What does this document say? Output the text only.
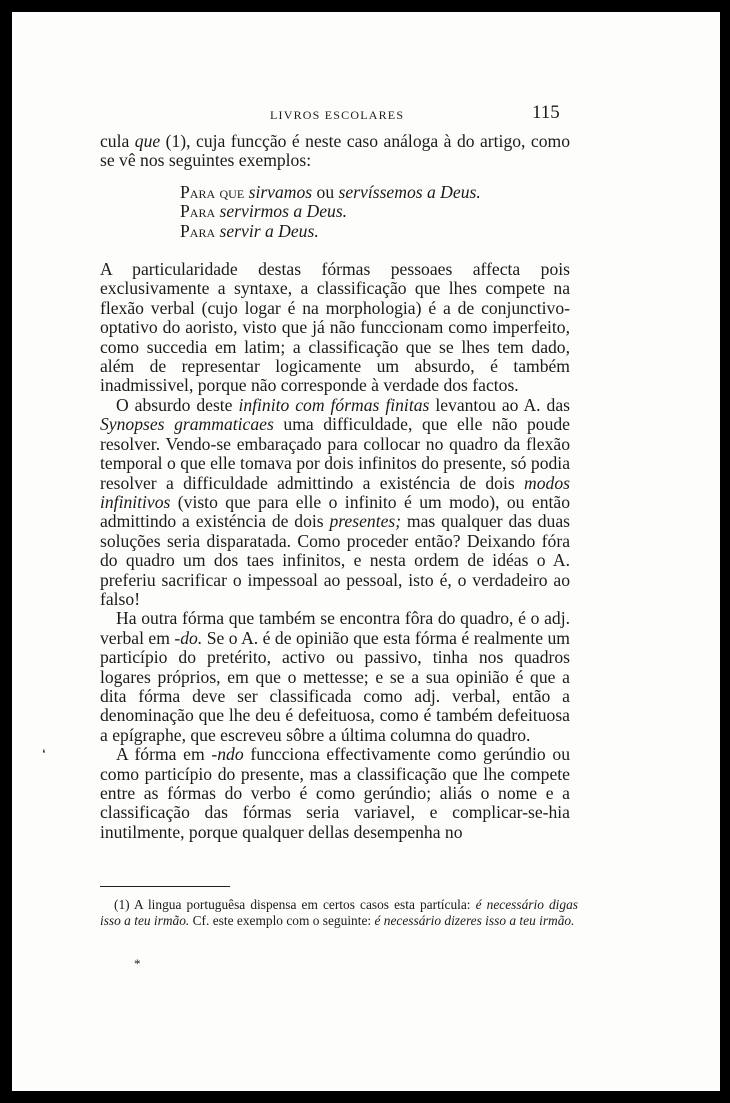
LIVROS ESCOLARES	115

cula que (1), cuja funcção é neste caso análoga à do artigo, como se vê nos seguintes exemplos:

Para que sirvamos ou servíssemos a Deus.
Para servirmos a Deus.
Para servir a Deus.

A particularidade destas fórmas pessoaes affecta pois exclusivamente a syntaxe, a classificação que lhes compete na flexão verbal (cujo logar é na morphologia) é a de conjunctivo-optativo do aoristo, visto que já não funccionam como imperfeito, como succedia em latim; a classificação que se lhes tem dado, além de representar logicamente um absurdo, é também inadmissivel, porque não corresponde à verdade dos factos.

O absurdo deste infinito com fórmas finitas levantou ao A. das Synopses grammaticaes uma difficuldade, que elle não poude resolver. Vendo-se embaraçado para collocar no quadro da flexão temporal o que elle tomava por dois infinitos do presente, só podia resolver a difficuldade admittindo a existéncia de dois modos infinitivos (visto que para elle o infinito é um modo), ou então admittindo a existéncia de dois presentes; mas qualquer das duas soluções seria disparatada. Como proceder então? Deixando fóra do quadro um dos taes infinitos, e nesta ordem de idéas o A. preferiu sacrificar o impessoal ao pessoal, isto é, o verdadeiro ao falso!

Ha outra fórma que também se encontra fôra do quadro, é o adj. verbal em -do. Se o A. é de opinião que esta fórma é realmente um particípio do pretérito, activo ou passivo, tinha nos quadros logares próprios, em que o mettesse; e se a sua opinião é que a dita fórma deve ser classificada como adj. verbal, então a denominação que lhe deu é defeituosa, como é também defeituosa a epígraphe, que escreveu sôbre a última columna do quadro.

A fórma em -ndo funcciona effectivamente como gerúndio ou como particípio do presente, mas a classificação que lhe compete entre as fórmas do verbo é como gerúndio; aliás o nome e a classificação das fórmas seria variavel, e complicar-se-hia inutilmente, porque qualquer dellas desempenha no

(1) A lingua portuguêsa dispensa em certos casos esta partícula: é necessário digas isso a teu irmão. Cf. este exemplo com o seguinte: é necessário dizeres isso a teu irmão.

*
❛
